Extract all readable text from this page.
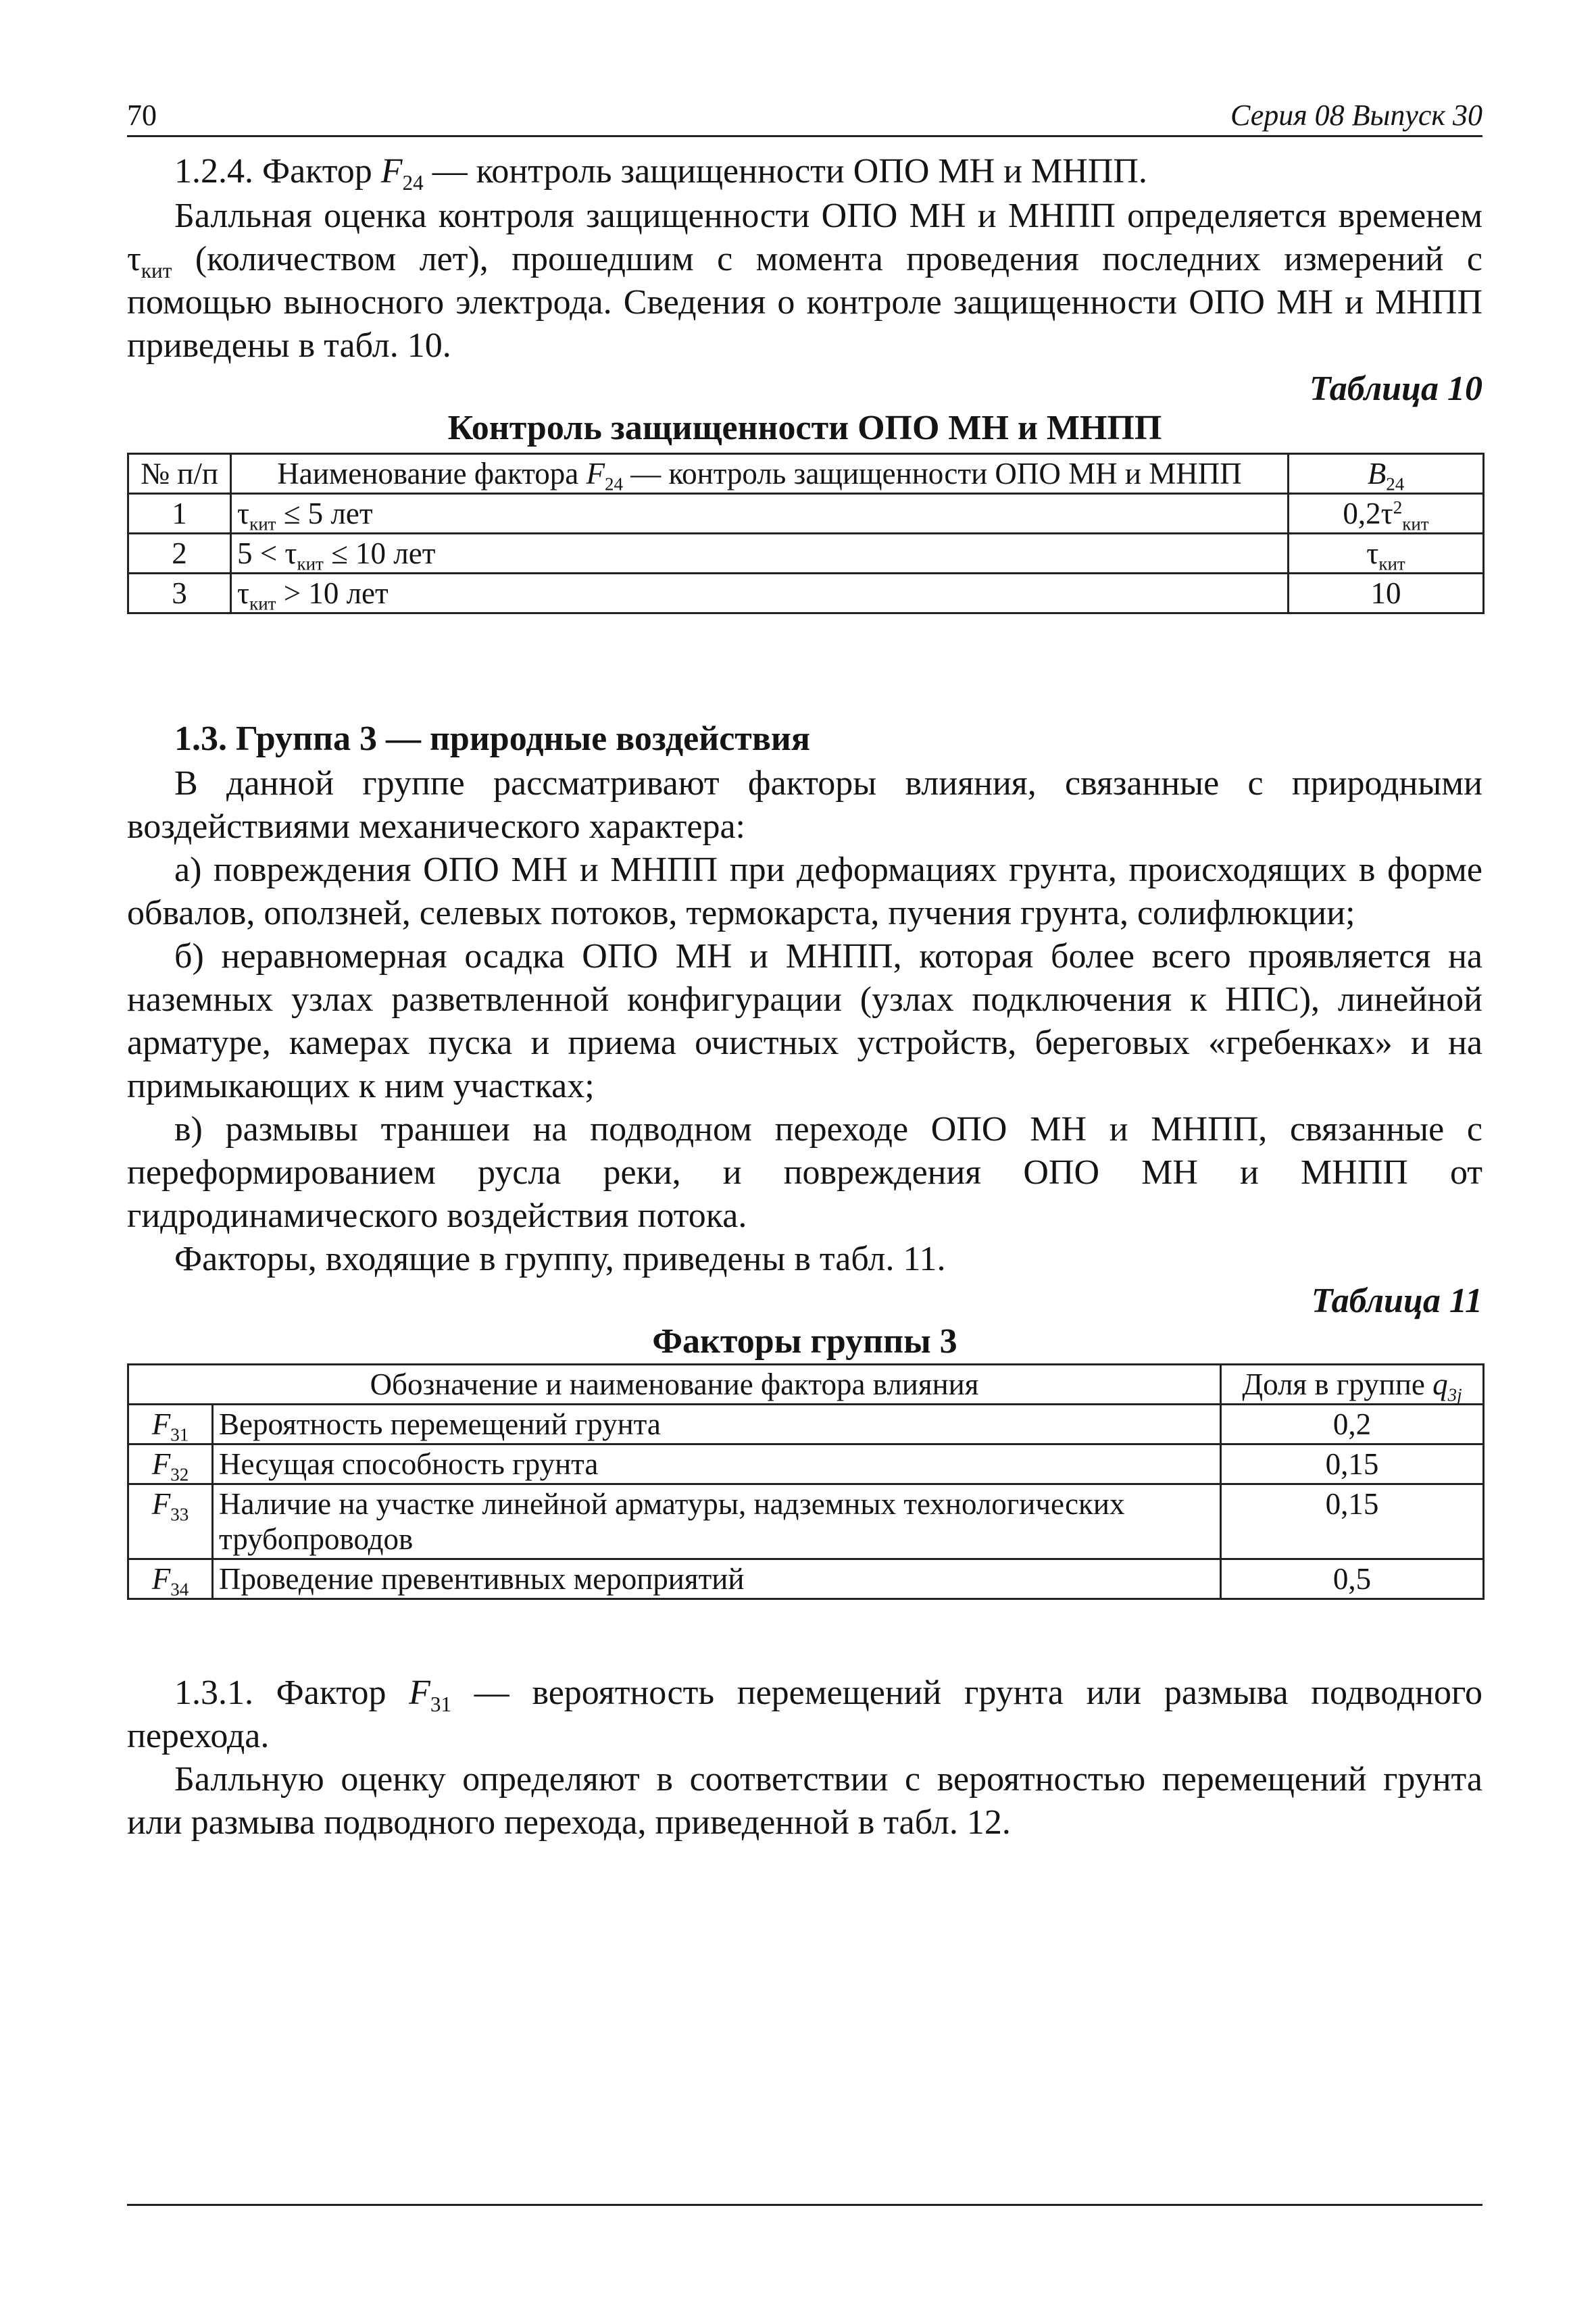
70	Серия 08 Выпуск 30
1.2.4. Фактор $F_{24}$ — контроль защищенности ОПО МН и МНПП.
Балльная оценка контроля защищенности ОПО МН и МНПП определяется временем $\tau_{кит}$ (количеством лет), прошедшим с момента проведения последних измерений с помощью выносного электрода. Сведения о контроле защищенности ОПО МН и МНПП приведены в табл. 10.
Таблица 10
Контроль защищенности ОПО МН и МНПП
№ п/п	Наименование фактора $F_{24}$ — контроль защищенности ОПО МН и МНПП	$B_{24}$
1	$\tau_{кит} \le 5$ лет	$0,2\tau^2_{кит}$
2	$5 < \tau_{кит} \le 10$ лет	$\tau_{кит}$
3	$\tau_{кит} > 10$ лет	10
1.3. Группа 3 — природные воздействия
В данной группе рассматривают факторы влияния, связанные с природными воздействиями механического характера:
а) повреждения ОПО МН и МНПП при деформациях грунта, происходящих в форме обвалов, оползней, селевых потоков, термокарста, пучения грунта, солифлюкции;
б) неравномерная осадка ОПО МН и МНПП, которая более всего проявляется на наземных узлах разветвленной конфигурации (узлах подключения к НПС), линейной арматуре, камерах пуска и приема очистных устройств, береговых «гребенках» и на примыкающих к ним участках;
в) размывы траншеи на подводном переходе ОПО МН и МНПП, связанные с переформированием русла реки, и повреждения ОПО МН и МНПП от гидродинамического воздействия потока.
Факторы, входящие в группу, приведены в табл. 11.
Таблица 11
Факторы группы 3
Обозначение и наименование фактора влияния		Доля в группе $q_{3j}$
$F_{31}$	Вероятность перемещений грунта	0,2
$F_{32}$	Несущая способность грунта	0,15
$F_{33}$	Наличие на участке линейной арматуры, надземных технологических трубопроводов	0,15
$F_{34}$	Проведение превентивных мероприятий	0,5
1.3.1. Фактор $F_{31}$ — вероятность перемещений грунта или размыва подводного перехода.
Балльную оценку определяют в соответствии с вероятностью перемещений грунта или размыва подводного перехода, приведенной в табл. 12.
